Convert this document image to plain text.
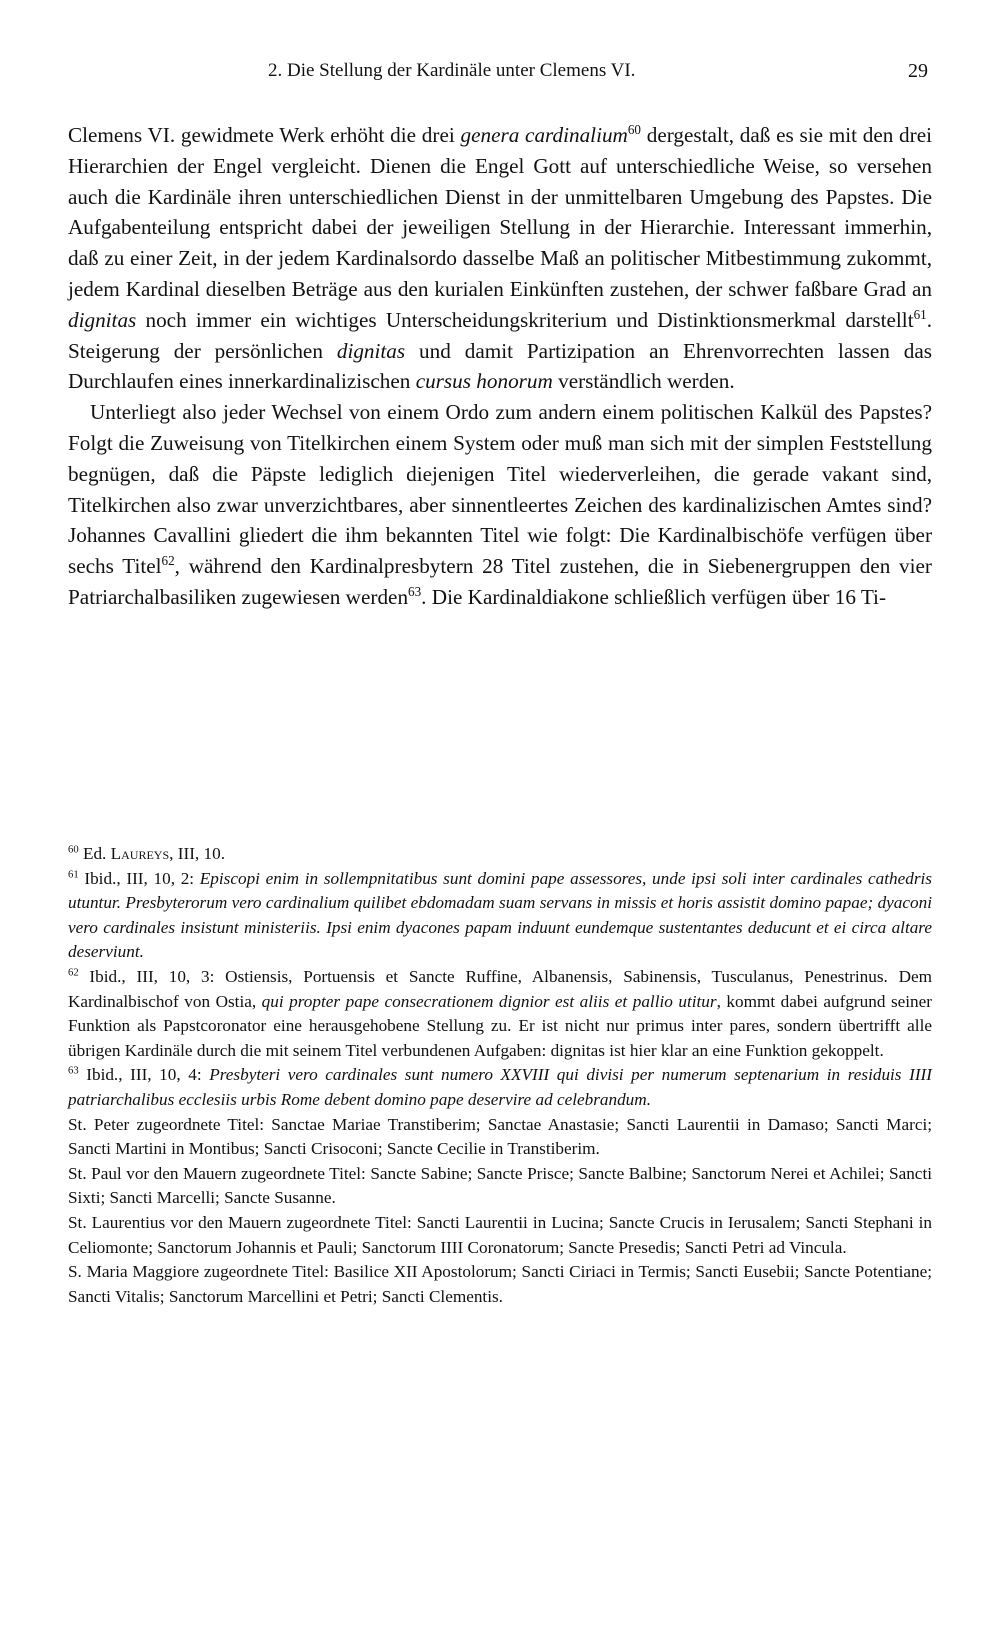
2. Die Stellung der Kardinäle unter Clemens VI.	29

Clemens VI. gewidmete Werk erhöht die drei genera cardinalium$^{60}$ dergestalt, daß es sie mit den drei Hierarchien der Engel vergleicht. Dienen die Engel Gott auf unterschiedliche Weise, so versehen auch die Kardinäle ihren unterschiedlichen Dienst in der unmittelbaren Umgebung des Papstes. Die Aufgabenteilung entspricht dabei der jeweiligen Stellung in der Hierarchie. Interessant immerhin, daß zu einer Zeit, in der jedem Kardinalsordo dasselbe Maß an politischer Mitbestimmung zukommt, jedem Kardinal dieselben Beträge aus den kurialen Einkünften zustehen, der schwer faßbare Grad an dignitas noch immer ein wichtiges Unterscheidungskriterium und Distinktionsmerkmal darstellt$^{61}$. Steigerung der persönlichen dignitas und damit Partizipation an Ehrenvorrechten lassen das Durchlaufen eines innerkardinalizischen cursus honorum verständlich werden.

Unterliegt also jeder Wechsel von einem Ordo zum andern einem politischen Kalkül des Papstes? Folgt die Zuweisung von Titelkirchen einem System oder muß man sich mit der simplen Feststellung begnügen, daß die Päpste lediglich diejenigen Titel wiederverleihen, die gerade vakant sind, Titelkirchen also zwar unverzichtbares, aber sinnentleertes Zeichen des kardinalizischen Amtes sind? Johannes Cavallini gliedert die ihm bekannten Titel wie folgt: Die Kardinalbischöfe verfügen über sechs Titel$^{62}$, während den Kardinalpresbytern 28 Titel zustehen, die in Siebenergruppen den vier Patriarchalbasiliken zugewiesen werden$^{63}$. Die Kardinaldiakone schließlich verfügen über 16 Ti-

$^{60}$ Ed. Laureys, III, 10.

$^{61}$ Ibid., III, 10, 2: Episcopi enim in sollempnitatibus sunt domini pape assessores, unde ipsi soli inter cardinales cathedris utuntur. Presbyterorum vero cardinalium quilibet ebdomadam suam servans in missis et horis assistit domino papae; dyaconi vero cardinales insistunt ministeriis. Ipsi enim dyacones papam induunt eundemque sustentantes deducunt et ei circa altare deserviunt.

$^{62}$ Ibid., III, 10, 3: Ostiensis, Portuensis et Sancte Ruffine, Albanensis, Sabinensis, Tusculanus, Penestrinus. Dem Kardinalbischof von Ostia, qui propter pape consecrationem dignior est aliis et pallio utitur, kommt dabei aufgrund seiner Funktion als Papstcoronator eine herausgehobene Stellung zu. Er ist nicht nur primus inter pares, sondern übertrifft alle übrigen Kardinäle durch die mit seinem Titel verbundenen Aufgaben: dignitas ist hier klar an eine Funktion gekoppelt.

$^{63}$ Ibid., III, 10, 4: Presbyteri vero cardinales sunt numero XXVIII qui divisi per numerum septenarium in residuis IIII patriarchalibus ecclesiis urbis Rome debent domino pape deservire ad celebrandum.

St. Peter zugeordnete Titel: Sanctae Mariae Transtiberim; Sanctae Anastasie; Sancti Laurentii in Damaso; Sancti Marci; Sancti Martini in Montibus; Sancti Crisoconi; Sancte Cecilie in Transtiberim.

St. Paul vor den Mauern zugeordnete Titel: Sancte Sabine; Sancte Prisce; Sancte Balbine; Sanctorum Nerei et Achilei; Sancti Sixti; Sancti Marcelli; Sancte Susanne.

St. Laurentius vor den Mauern zugeordnete Titel: Sancti Laurentii in Lucina; Sancte Crucis in Ierusalem; Sancti Stephani in Celiomonte; Sanctorum Johannis et Pauli; Sanctorum IIII Coronatorum; Sancte Presedis; Sancti Petri ad Vincula.

S. Maria Maggiore zugeordnete Titel: Basilice XII Apostolorum; Sancti Ciriaci in Termis; Sancti Eusebii; Sancte Potentiane; Sancti Vitalis; Sanctorum Marcellini et Petri; Sancti Clementis.
